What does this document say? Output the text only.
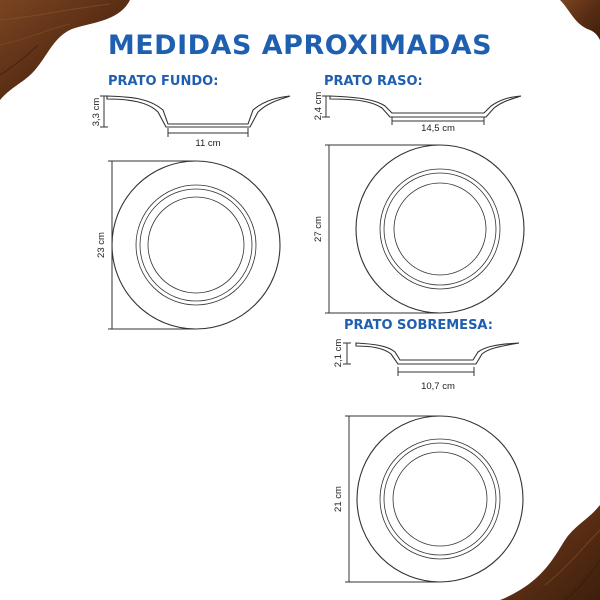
3,3 cm
11 cm
23 cm
2,4 cm
14,5 cm
27 cm
2,1 cm
10,7 cm
21 cm
MEDIDAS APROXIMADAS
PRATO FUNDO:	PRATO RASO:
PRATO SOBREMESA:
